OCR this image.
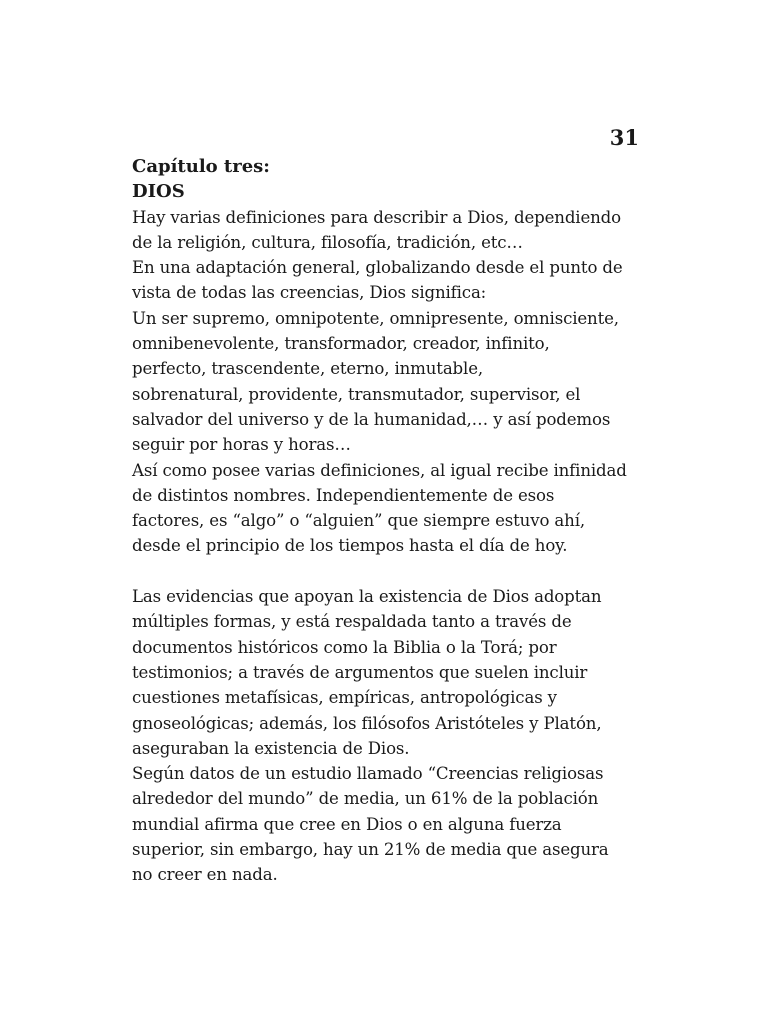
31
Capítulo tres:
DIOS
Hay varias definiciones para describir a Dios, dependiendo
de la religión, cultura, filosofía, tradición, etc…
En una adaptación general, globalizando desde el punto de
vista de todas las creencias, Dios significa:
Un ser supremo, omnipotente, omnipresente, omnisciente,
omnibenevolente, transformador, creador, infinito,
perfecto, trascendente, eterno, inmutable,
sobrenatural, providente, transmutador, supervisor, el
salvador del universo y de la humanidad,… y así podemos
seguir por horas y horas…
Así como posee varias definiciones, al igual recibe infinidad
de distintos nombres. Independientemente de esos
factores, es “algo” o “alguien” que siempre estuvo ahí,
desde el principio de los tiempos hasta el día de hoy.
Las evidencias que apoyan la existencia de Dios adoptan
múltiples formas, y está respaldada tanto a través de
documentos históricos como la Biblia o la Torá; por
testimonios; a través de argumentos que suelen incluir
cuestiones metafísicas, empíricas, antropológicas y
gnoseológicas; además, los filósofos Aristóteles y Platón,
aseguraban la existencia de Dios.
Según datos de un estudio llamado “Creencias religiosas
alrededor del mundo” de media, un 61% de la población
mundial afirma que cree en Dios o en alguna fuerza
superior, sin embargo, hay un 21% de media que asegura
no creer en nada.
